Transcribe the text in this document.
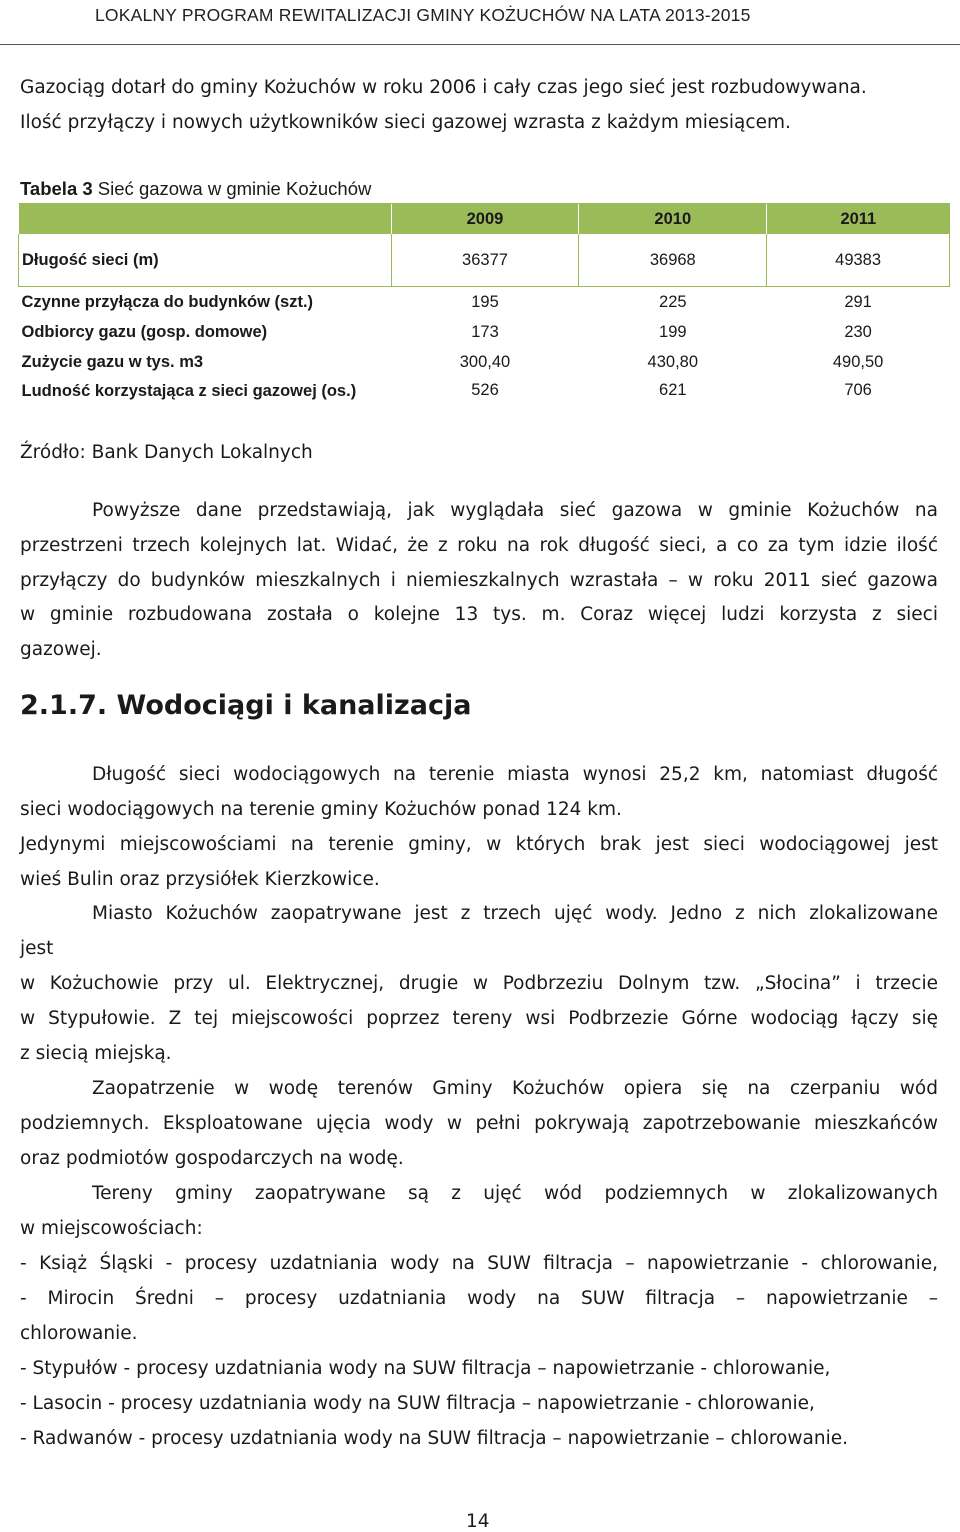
LOKALNY PROGRAM REWITALIZACJI GMINY KOŻUCHÓW NA LATA 2013-2015

Gazociąg dotarł do gminy Kożuchów w roku 2006 i cały czas jego sieć jest rozbudowywana.

Ilość przyłączy i nowych użytkowników sieci gazowej wzrasta z każdym miesiącem.

Tabela 3 Sieć gazowa w gminie Kożuchów
	2009	2010	2011
Długość sieci (m)	36377	36968	49383
Czynne przyłącza do budynków (szt.)	195	225	291
Odbiorcy gazu (gosp. domowe)	173	199	230
Zużycie gazu w tys. m3	300,40	430,80	490,50
Ludność korzystająca z sieci gazowej (os.)	526	621	706
Źródło: Bank Danych Lokalnych

Powyższe dane przedstawiają, jak wyglądała sieć gazowa w gminie Kożuchów na

przestrzeni trzech kolejnych lat. Widać, że z roku na rok długość sieci, a co za tym idzie ilość

przyłączy do budynków mieszkalnych i niemieszkalnych wzrastała – w roku 2011 sieć gazowa

w gminie rozbudowana została o kolejne 13 tys. m. Coraz więcej ludzi korzysta z sieci

gazowej.

2.1.7. Wodociągi i kanalizacja

Długość sieci wodociągowych na terenie miasta wynosi 25,2 km, natomiast długość

sieci wodociągowych na terenie gminy Kożuchów ponad 124 km.

Jedynymi miejscowościami na terenie gminy, w których brak jest sieci wodociągowej jest

wieś Bulin oraz przysiółek Kierzkowice.

Miasto Kożuchów zaopatrywane jest z trzech ujęć wody. Jedno z nich zlokalizowane

jest

w Kożuchowie przy ul. Elektrycznej, drugie w Podbrzeziu Dolnym tzw. „Słocina” i trzecie

w Stypułowie. Z tej miejscowości poprzez tereny wsi Podbrzezie Górne wodociąg łączy się

z siecią miejską.

Zaopatrzenie w wodę terenów Gminy Kożuchów opiera się na czerpaniu wód

podziemnych. Eksploatowane ujęcia wody w pełni pokrywają zapotrzebowanie mieszkańców

oraz podmiotów gospodarczych na wodę.

Tereny gminy zaopatrywane są z ujęć wód podziemnych w zlokalizowanych

w miejscowościach:

- Książ Śląski - procesy uzdatniania wody na SUW filtracja – napowietrzanie - chlorowanie,

- Mirocin Średni – procesy uzdatniania wody na SUW filtracja – napowietrzanie –

chlorowanie.

- Stypułów - procesy uzdatniania wody na SUW filtracja – napowietrzanie - chlorowanie,

- Lasocin - procesy uzdatniania wody na SUW filtracja – napowietrzanie - chlorowanie,

- Radwanów - procesy uzdatniania wody na SUW filtracja – napowietrzanie – chlorowanie.

14
